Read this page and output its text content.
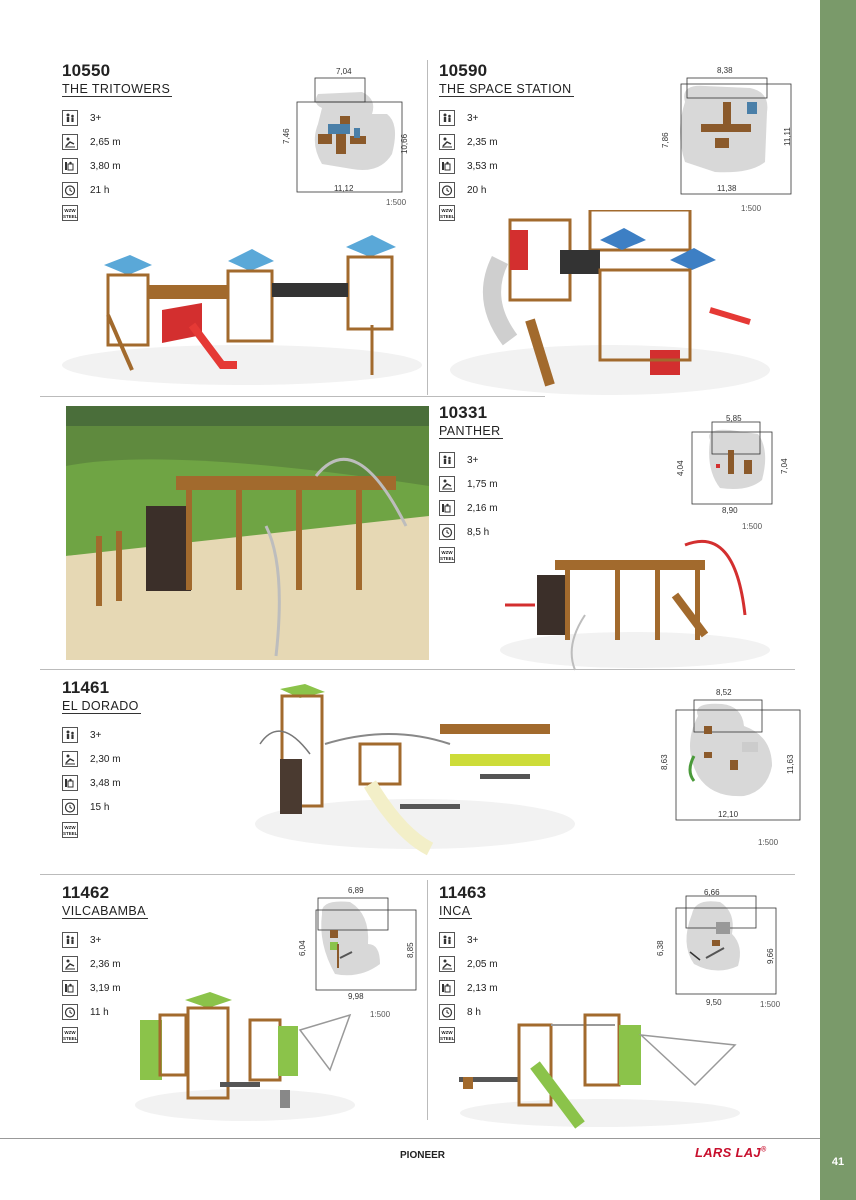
41
10550
THE TRITOWERS
3+
2,65 m
3,80 m
21 h
WZW
STEEL
7,04
7,46	10,66
11,12
1:500
10590
THE SPACE STATION
3+
2,35 m
3,53 m
20 h
WZW
STEEL
8,38
7,86	11,11
11,38
1:500
10331
PANTHER
3+
1,75 m
2,16 m
8,5 h
WZW
STEEL
5,85
4,04	7,04
8,90
1:500
11461
EL DORADO
3+
2,30 m
3,48 m
15 h
WZW
STEEL
8,52
8,63	11,63
12,10
1:500
11462
VILCABAMBA
3+
2,36 m
3,19 m
11 h
WZW
STEEL
6,89
6,04	8,85
9,98
1:500
11463
INCA
3+
2,05 m
2,13 m
8 h
WZW
STEEL
6,66
6,38
9,66
9,50	1:500
PIONEER	LARS LAJ®
